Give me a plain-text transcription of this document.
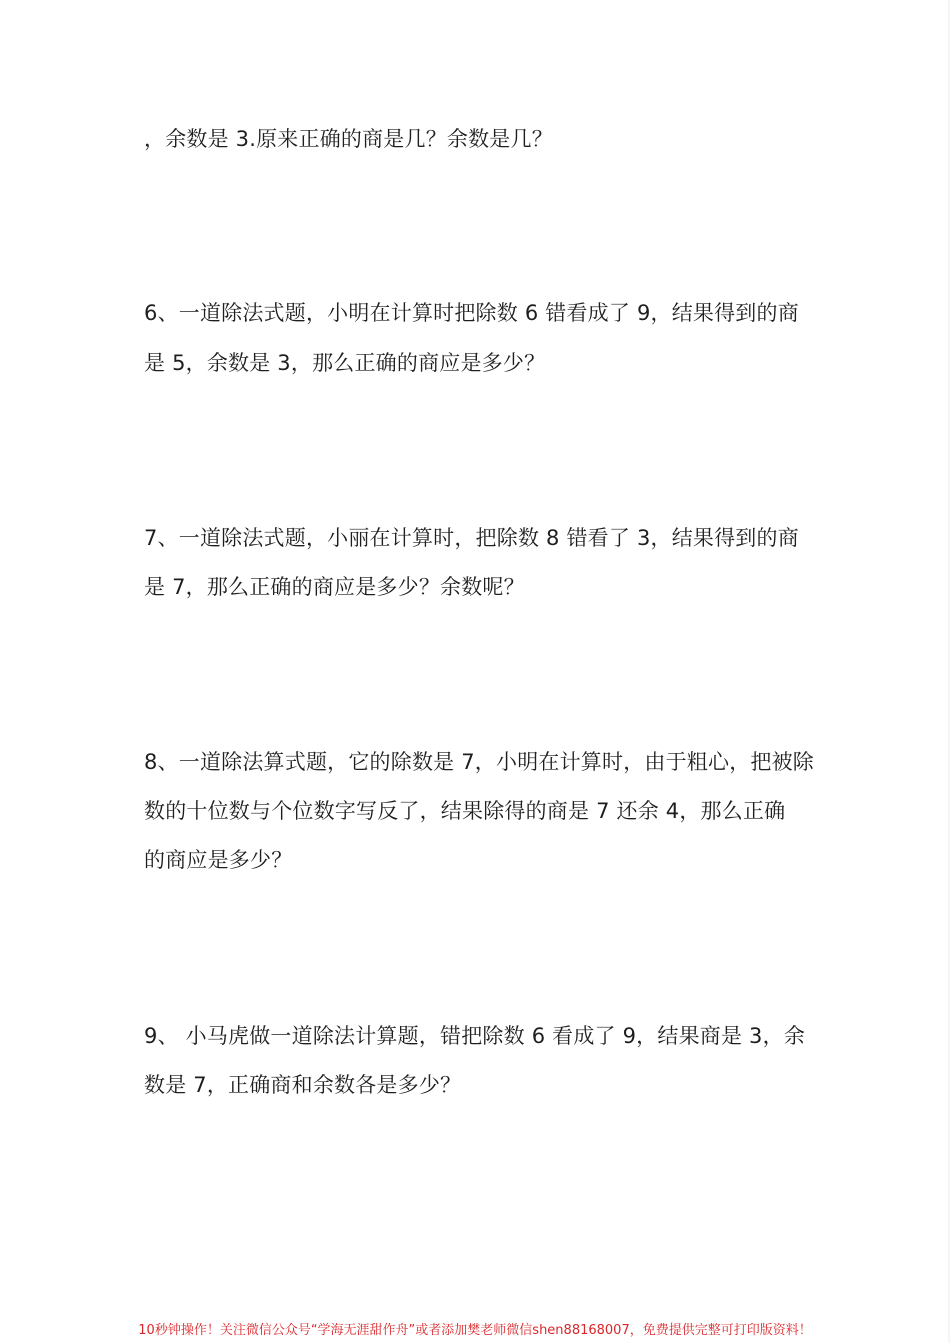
，余数是 3.原来正确的商是几？余数是几？
6、一道除法式题，小明在计算时把除数 6 错看成了 9，结果得到的商
是 5，余数是 3，那么正确的商应是多少？
7、一道除法式题，小丽在计算时，把除数 8 错看了 3，结果得到的商
是 7，那么正确的商应是多少？余数呢？
8、一道除法算式题，它的除数是 7，小明在计算时，由于粗心，把被除
数的十位数与个位数字写反了，结果除得的商是 7 还余 4，那么正确
的商应是多少？
9、 小马虎做一道除法计算题，错把除数 6 看成了 9，结果商是 3，余
数是 7，正确商和余数各是多少？
10秒钟操作！关注微信公众号“学海无涯甜作舟”或者添加樊老师微信shen88168007，免费提供完整可打印版资料！
